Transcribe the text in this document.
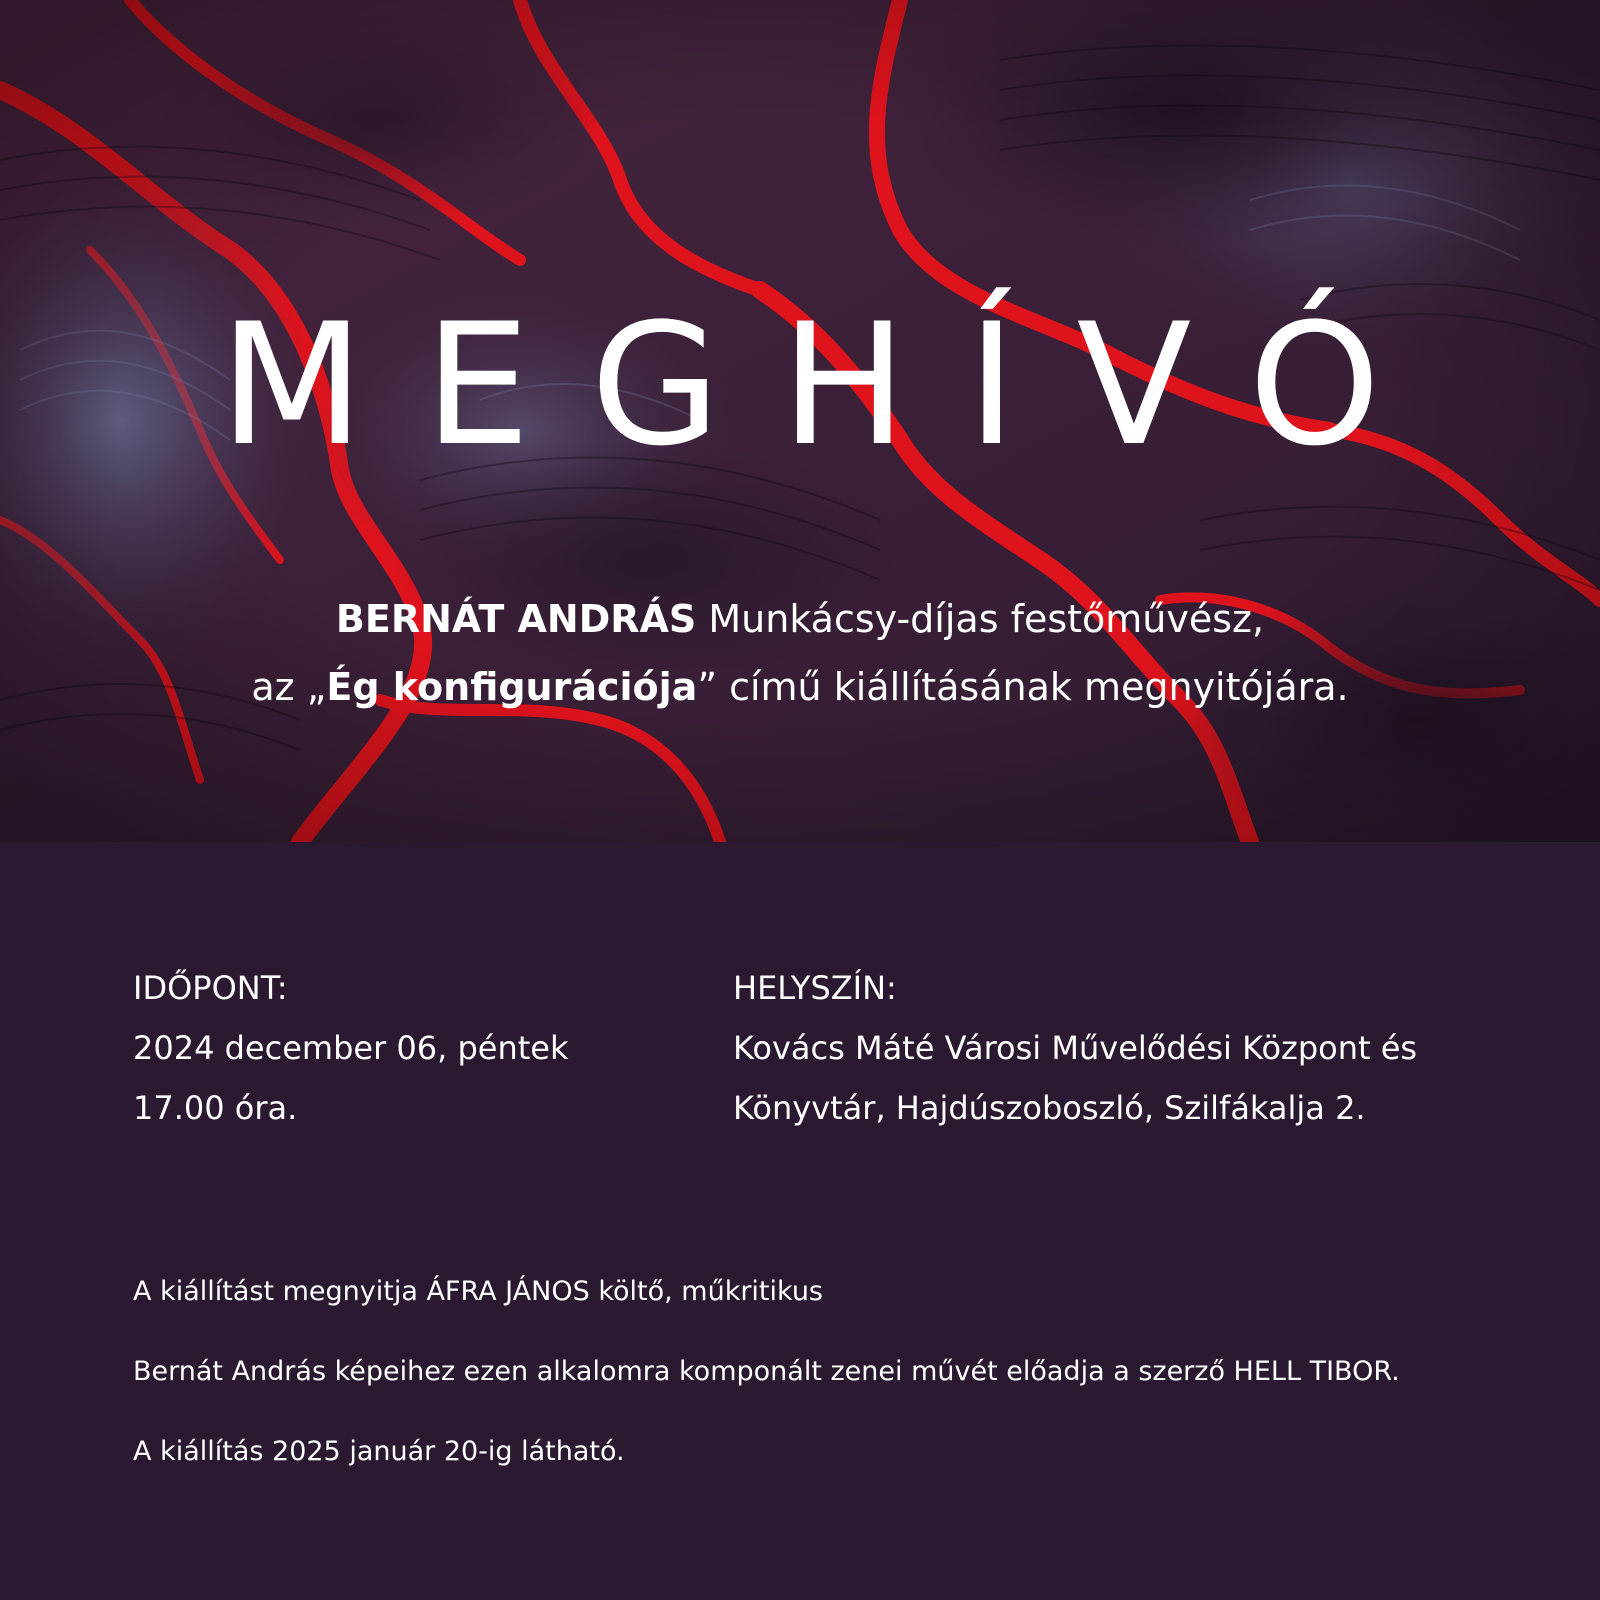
MEGHÍVÓ
BERNÁT ANDRÁS Munkácsy-díjas festőművész,
az „Ég konfigurációja” című kiállításának megnyitójára.
IDŐPONT:
2024 december 06, péntek
17.00 óra.
HELYSZÍN:
Kovács Máté Városi Művelődési Központ és
Könyvtár, Hajdúszoboszló, Szilfákalja 2.

A kiállítást megnyitja ÁFRA JÁNOS költő, műkritikus

Bernát András képeihez ezen alkalomra komponált zenei művét előadja a szerző HELL TIBOR.

A kiállítás 2025 január 20-ig látható.
